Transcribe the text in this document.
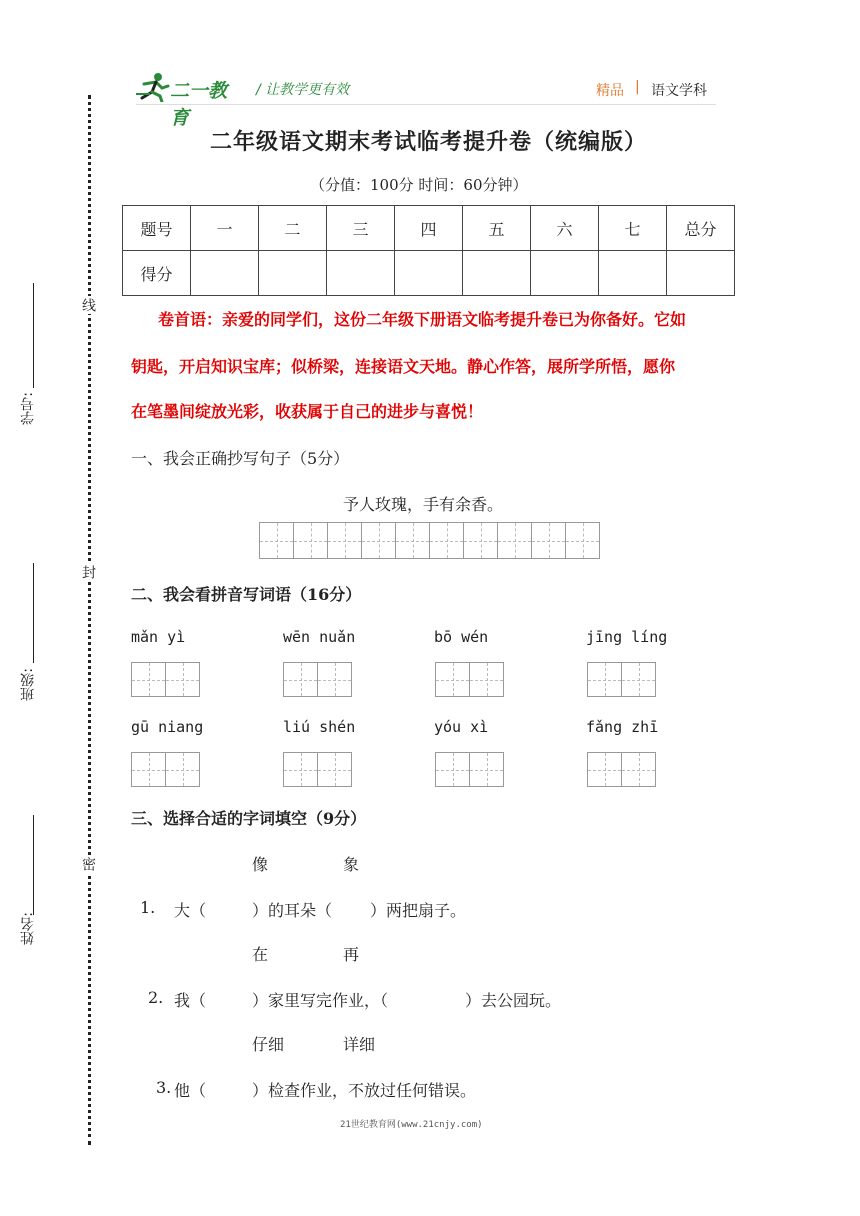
线
封
密
学号:
班级:
姓名:
二一教育
/ 让教学更有效	精品 | 语文学科
二年级语文期末考试临考提升卷（统编版）
（分值：100分 时间：60分钟）
题号	一	二	三	四	五	六	七	总分
得分								
卷首语：亲爱的同学们，这份二年级下册语文临考提升卷已为你备好。它如
钥匙，开启知识宝库；似桥梁，连接语文天地。静心作答，展所学所悟，愿你
在笔墨间绽放光彩，收获属于自己的进步与喜悦！
一、我会正确抄写句子（5分）
予人玫瑰，手有余香。
二、我会看拼音写词语（16分）
mǎn yì	wēn nuǎn	bō wén	jīng líng
gū niang	liú shén	yóu xì	fǎng zhī
三、选择合适的字词填空（9分）
像	象
1. 大（	）的耳朵（ ）两把扇子。
在	再
2. 我（	）家里写完作业，（	）去公园玩。
仔细	详细
3. 他（	）检查作业，不放过任何错误。
21世纪教育网(www.21cnjy.com)
